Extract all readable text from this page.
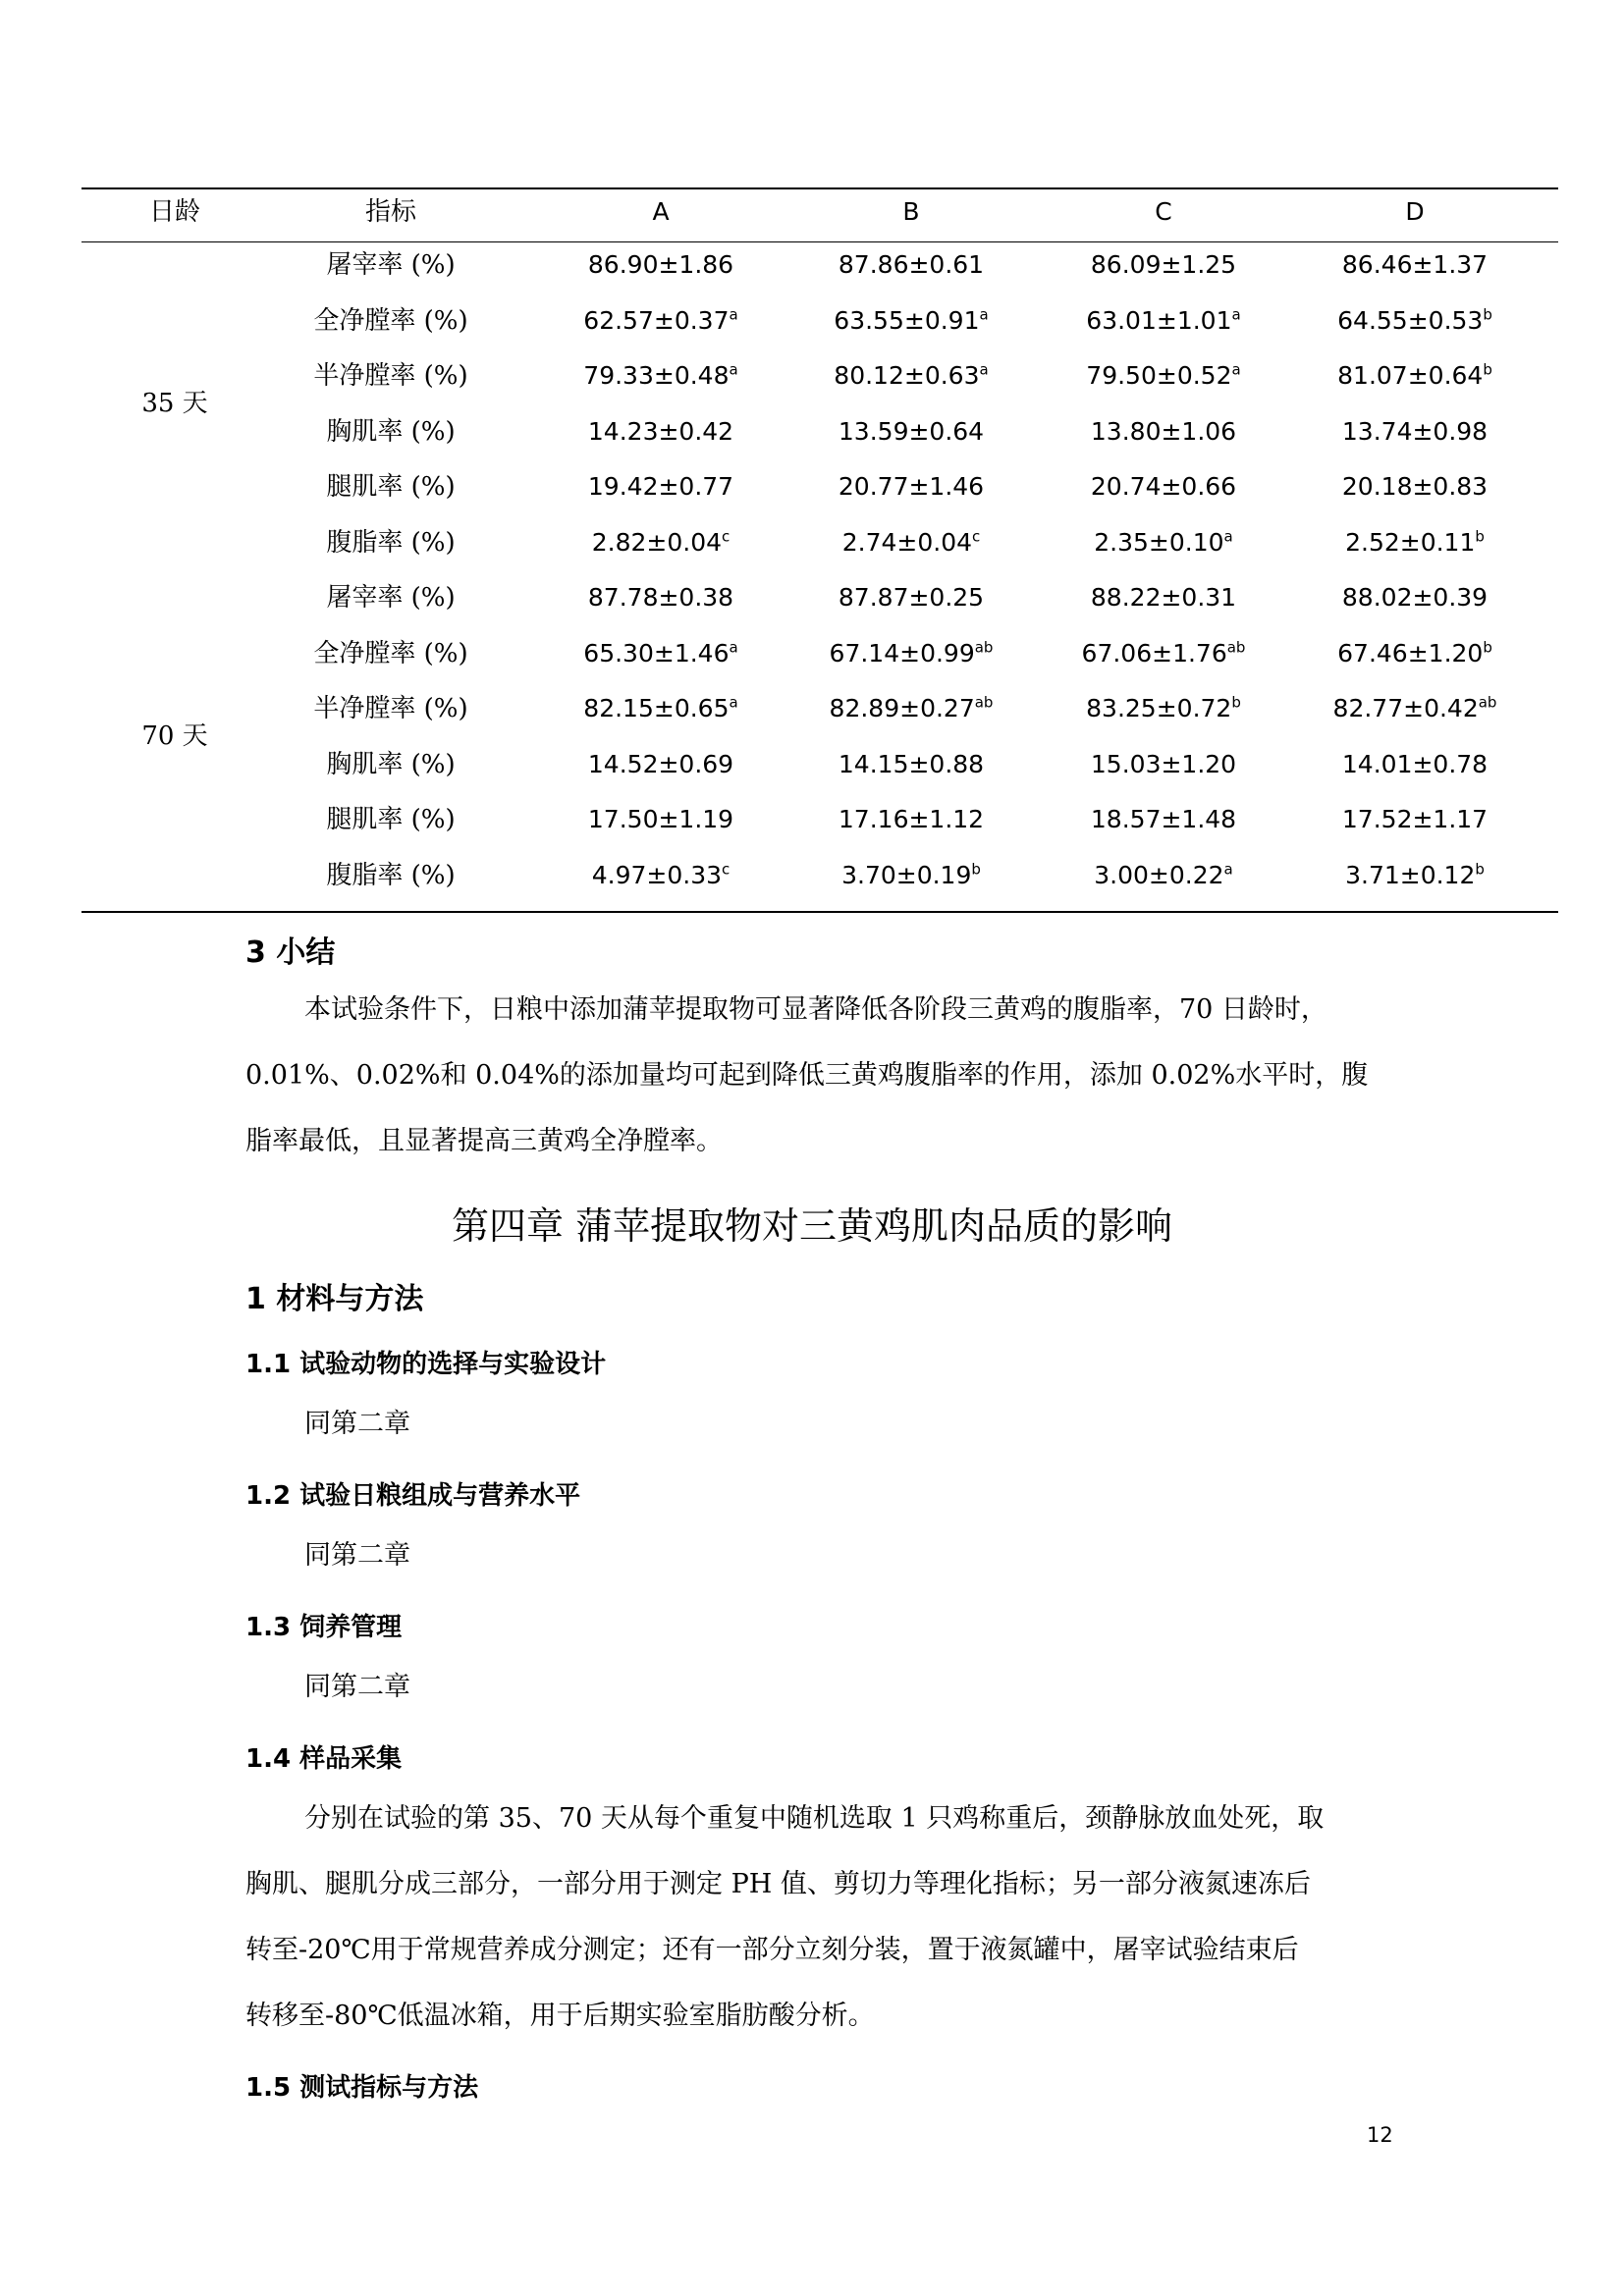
日龄	指标	A	B	C	D
35 天
屠宰率 (%)	86.90±1.86	87.86±0.61	86.09±1.25	86.46±1.37
全净膛率 (%)	62.57±0.37$^a$	63.55±0.91$^a$	63.01±1.01$^a$	64.55±0.53$^b$
半净膛率 (%)	79.33±0.48$^a$	80.12±0.63$^a$	79.50±0.52$^a$	81.07±0.64$^b$
胸肌率 (%)	14.23±0.42	13.59±0.64	13.80±1.06	13.74±0.98
腿肌率 (%)	19.42±0.77	20.77±1.46	20.74±0.66	20.18±0.83
腹脂率 (%)	2.82±0.04$^c$	2.74±0.04$^c$	2.35±0.10$^a$	2.52±0.11$^b$
70 天
屠宰率 (%)	87.78±0.38	87.87±0.25	88.22±0.31	88.02±0.39
全净膛率 (%)	65.30±1.46$^a$	67.14±0.99$^{ab}$	67.06±1.76$^{ab}$	67.46±1.20$^b$
半净膛率 (%)	82.15±0.65$^a$	82.89±0.27$^{ab}$	83.25±0.72$^b$	82.77±0.42$^{ab}$
胸肌率 (%)	14.52±0.69	14.15±0.88	15.03±1.20	14.01±0.78
腿肌率 (%)	17.50±1.19	17.16±1.12	18.57±1.48	17.52±1.17
腹脂率 (%)	4.97±0.33$^c$	3.70±0.19$^b$	3.00±0.22$^a$	3.71±0.12$^b$
3 小结
本试验条件下，日粮中添加蒲苹提取物可显著降低各阶段三黄鸡的腹脂率，70 日龄时，
0.01%、0.02%和 0.04%的添加量均可起到降低三黄鸡腹脂率的作用，添加 0.02%水平时，腹
脂率最低，且显著提高三黄鸡全净膛率。
第四章 蒲苹提取物对三黄鸡肌肉品质的影响
1 材料与方法
1.1 试验动物的选择与实验设计
同第二章
1.2 试验日粮组成与营养水平
同第二章
1.3 饲养管理
同第二章
1.4 样品采集
分别在试验的第 35、70 天从每个重复中随机选取 1 只鸡称重后，颈静脉放血处死，取
胸肌、腿肌分成三部分，一部分用于测定 PH 值、剪切力等理化指标；另一部分液氮速冻后
转至-20℃用于常规营养成分测定；还有一部分立刻分装，置于液氮罐中，屠宰试验结束后
转移至-80℃低温冰箱，用于后期实验室脂肪酸分析。
1.5 测试指标与方法
12
